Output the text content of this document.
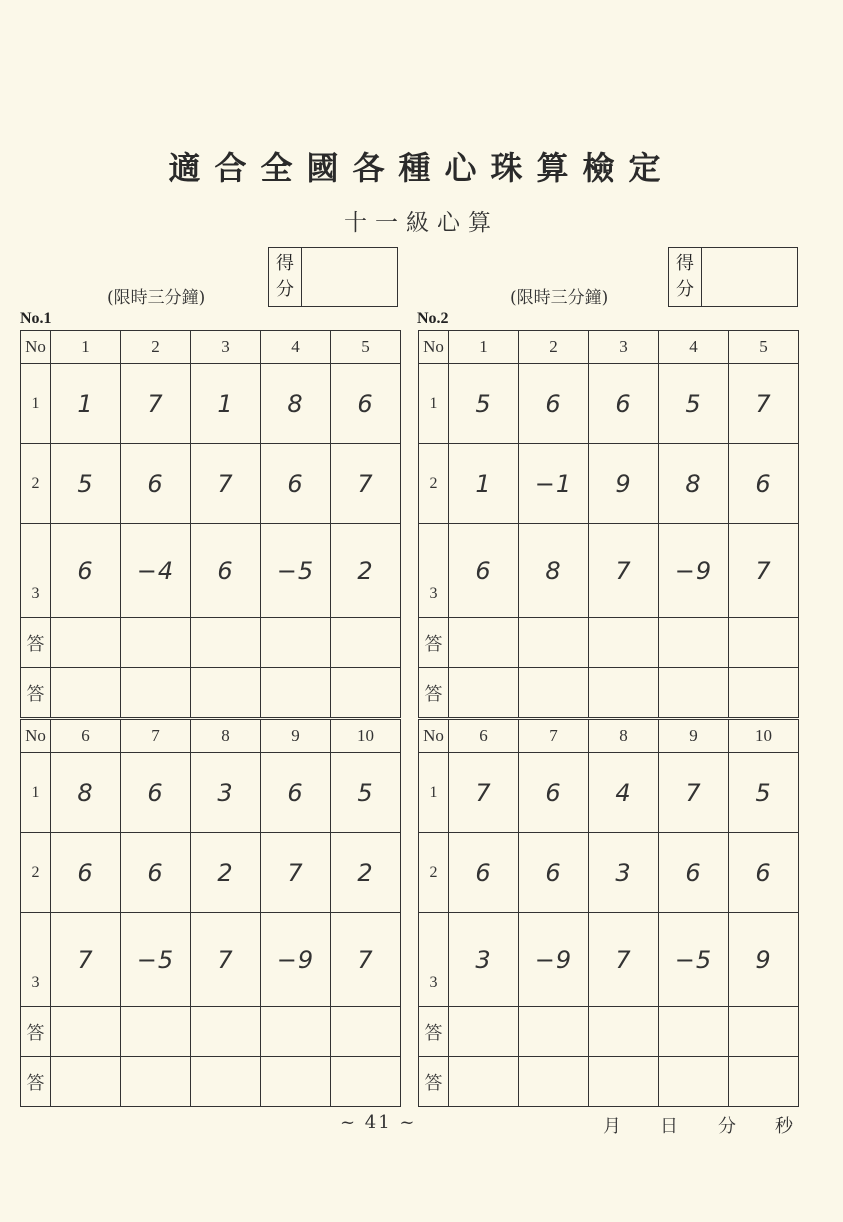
適合全國各種心珠算檢定
十一級心算
(限時三分鐘)
得
分	(限時三分鐘)
得
分
No.1	No.2
No	1	2	3	4	5
1	1	7	1	8	6
2	5	6	7	6	7
3	6	−4	6	−5	2
答					
答					
No	6	7	8	9	10
1	8	6	3	6	5
2	6	6	2	7	2
3	7	−5	7	−9	7
答					
答					
No	1	2	3	4	5
1	5	6	6	5	7
2	1	−1	9	8	6
3	6	8	7	−9	7
答					
答					
No	6	7	8	9	10
1	7	6	4	7	5
2	6	6	3	6	6
3	3	−9	7	−5	9
答					
答					
~ 41 ~	月 日 分 秒
